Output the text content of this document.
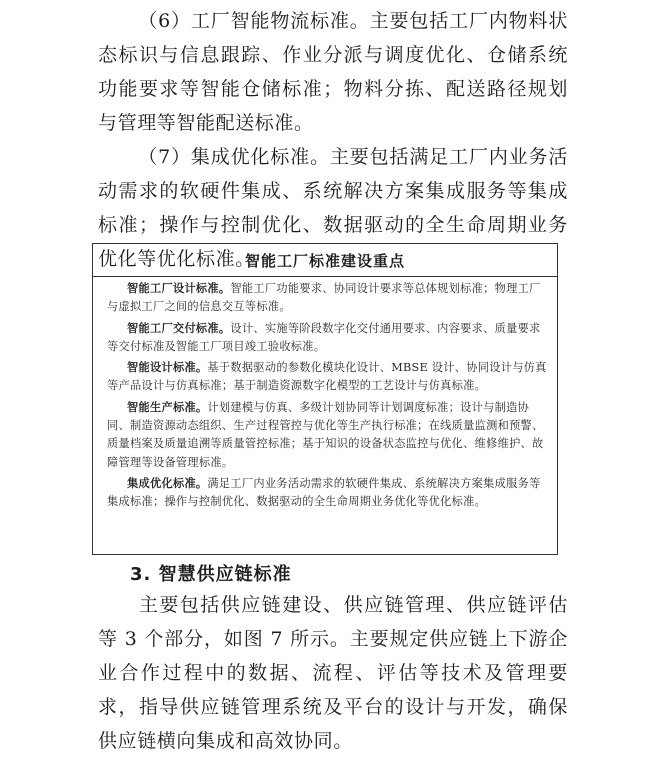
（6）工厂智能物流标准。主要包括工厂内物料状态标识与信息跟踪、作业分派与调度优化、仓储系统功能要求等智能仓储标准；物料分拣、配送路径规划与管理等智能配送标准。

（7）集成优化标准。主要包括满足工厂内业务活动需求的软硬件集成、系统解决方案集成服务等集成标准；操作与控制优化、数据驱动的全生命周期业务优化等优化标准。

智能工厂标准建设重点

智能工厂设计标准。智能工厂功能要求、协同设计要求等总体规划标准；物理工厂与虚拟工厂之间的信息交互等标准。

智能工厂交付标准。设计、实施等阶段数字化交付通用要求、内容要求、质量要求等交付标准及智能工厂项目竣工验收标准。

智能设计标准。基于数据驱动的参数化模块化设计、MBSE 设计、协同设计与仿真等产品设计与仿真标准；基于制造资源数字化模型的工艺设计与仿真标准。

智能生产标准。计划建模与仿真、多级计划协同等计划调度标准；设计与制造协同、制造资源动态组织、生产过程管控与优化等生产执行标准；在线质量监测和预警、质量档案及质量追溯等质量管控标准；基于知识的设备状态监控与优化、维修维护、故障管理等设备管理标准。

集成优化标准。满足工厂内业务活动需求的软硬件集成、系统解决方案集成服务等集成标准；操作与控制优化、数据驱动的全生命周期业务优化等优化标准。

3. 智慧供应链标准

主要包括供应链建设、供应链管理、供应链评估等 3 个部分，如图 7 所示。主要规定供应链上下游企业合作过程中的数据、流程、评估等技术及管理要求，指导供应链管理系统及平台的设计与开发，确保供应链横向集成和高效协同。
